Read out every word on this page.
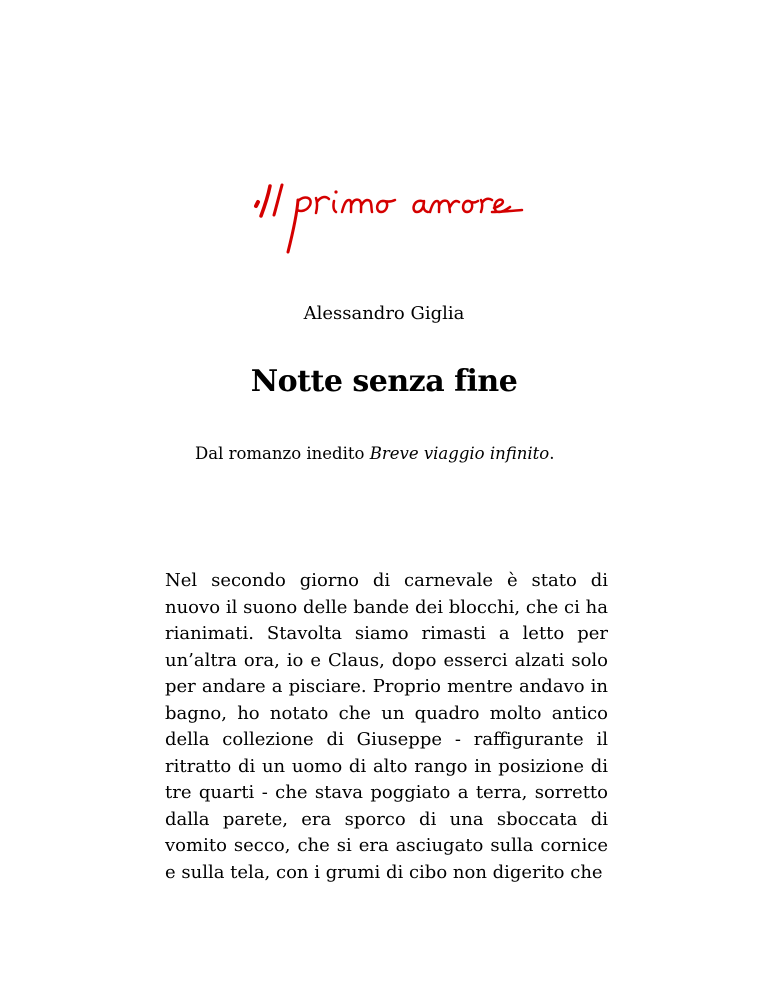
Alessandro Giglia
Notte senza fine
Dal romanzo inedito Breve viaggio infinito.

Nel secondo giorno di carnevale è stato di nuovo il suono delle bande dei blocchi, che ci ha rianimati. Stavolta siamo rimasti a letto per un’altra ora, io e Claus, dopo esserci alzati solo per andare a pisciare. Proprio mentre andavo in bagno, ho notato che un quadro molto antico della collezione di Giuseppe - raffigurante il ritratto di un uomo di alto rango in posizione di tre quarti - che stava poggiato a terra, sorretto dalla parete, era sporco di una sboccata di vomito secco, che si era asciugato sulla cornice e sulla tela, con i grumi di cibo non digerito che
